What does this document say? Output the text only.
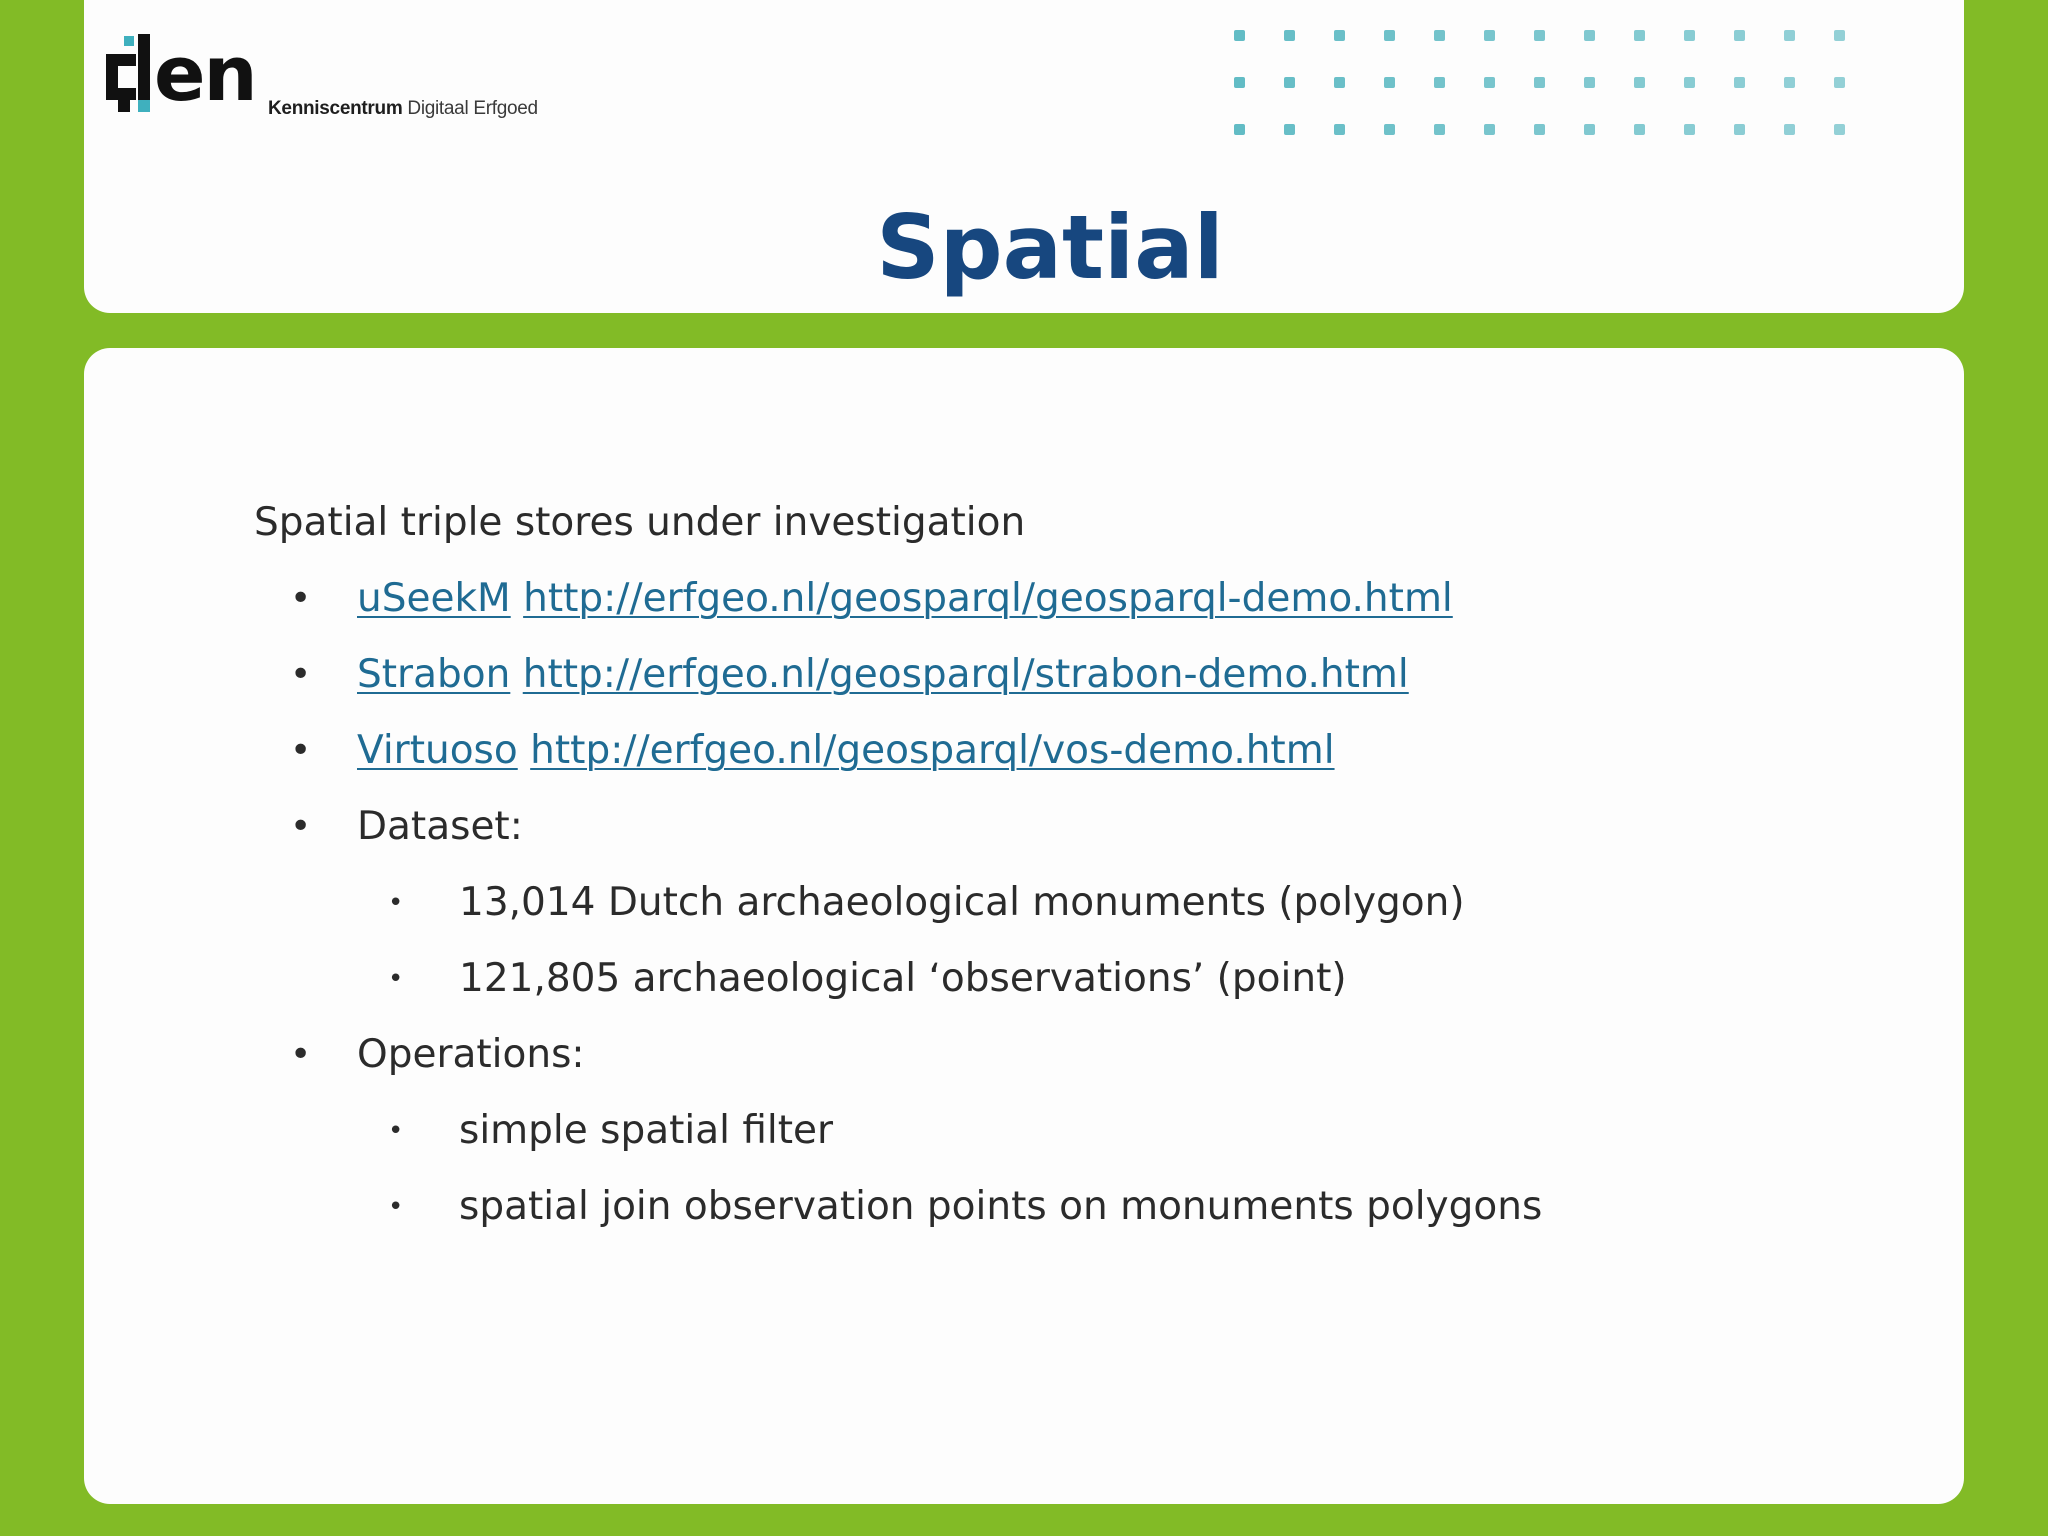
en Kenniscentrum Digitaal Erfgoed
Spatial
Spatial triple stores under investigation
• uSeekM http://erfgeo.nl/geosparql/geosparql-demo.html
• Strabon http://erfgeo.nl/geosparql/strabon-demo.html
• Virtuoso http://erfgeo.nl/geosparql/vos-demo.html
• Dataset:
• 13,014 Dutch archaeological monuments (polygon)
• 121,805 archaeological ‘observations’ (point)
• Operations:
• simple spatial filter
• spatial join observation points on monuments polygons
